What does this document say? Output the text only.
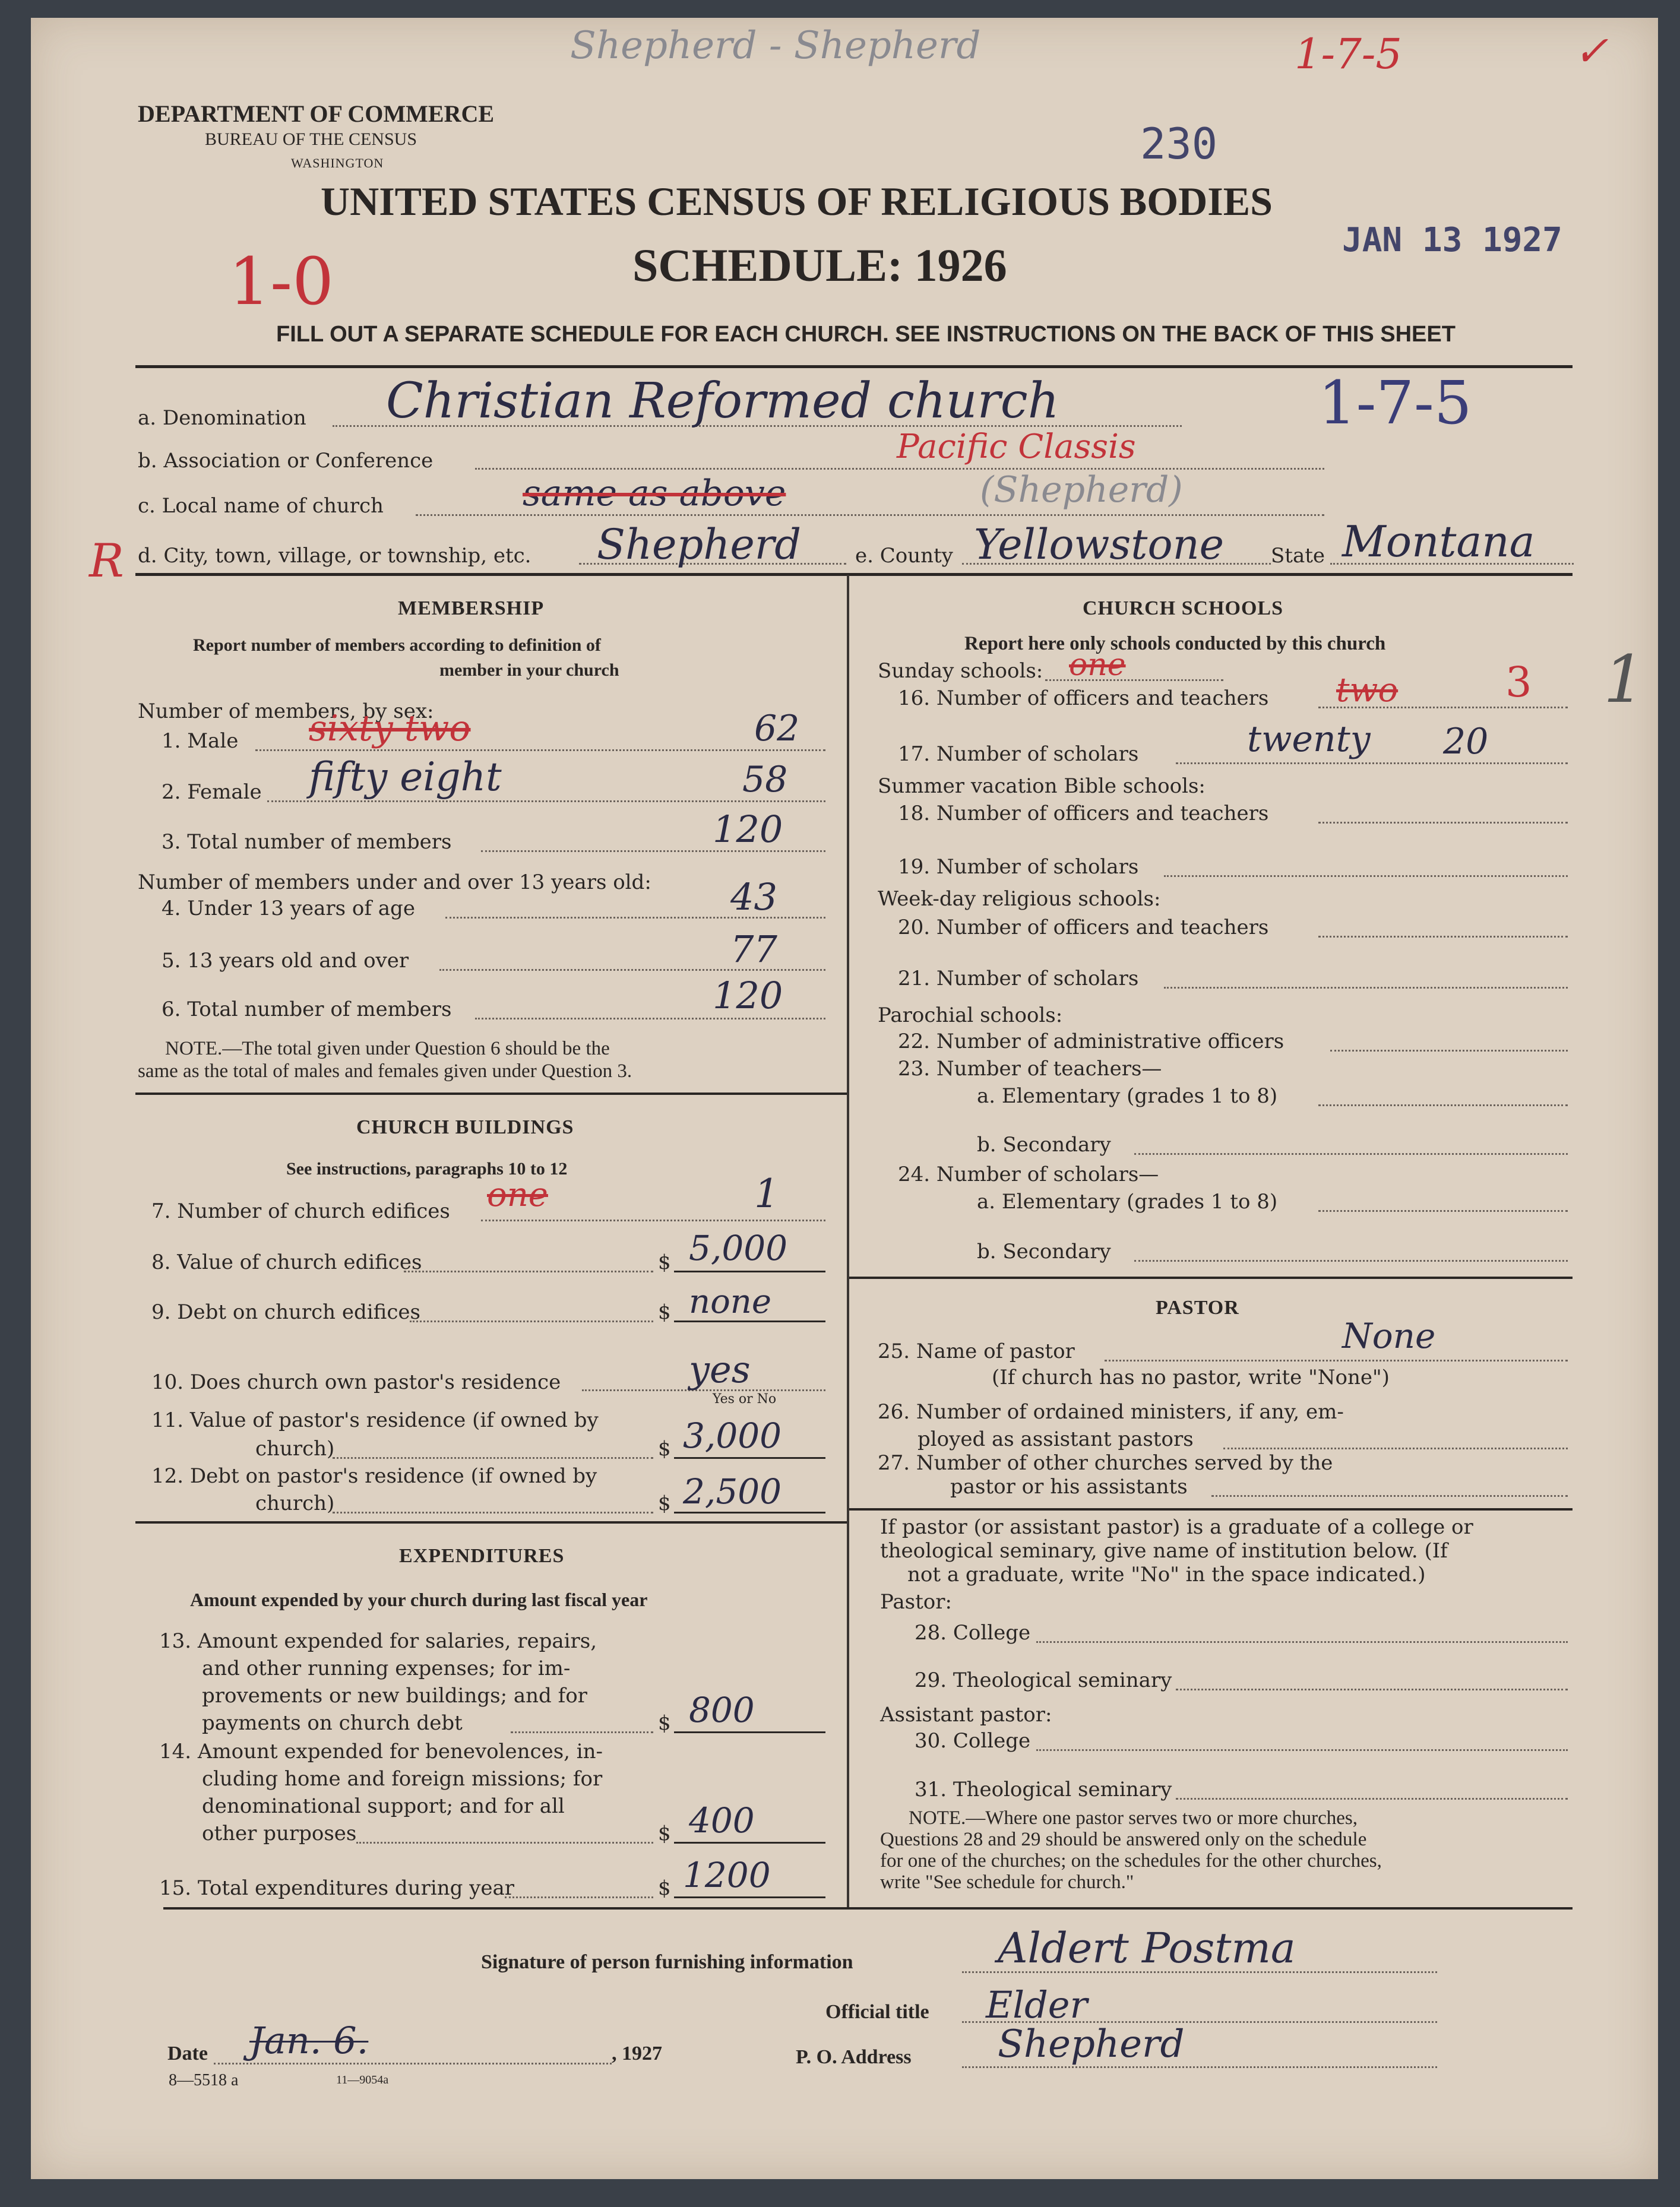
Shepherd - Shepherd	1-7-5	✓
DEPARTMENT OF COMMERCE
BUREAU OF THE CENSUS
WASHINGTON	230
UNITED STATES CENSUS OF RELIGIOUS BODIES
JAN 13 1927
1-0	SCHEDULE: 1926
FILL OUT A SEPARATE SCHEDULE FOR EACH CHURCH. SEE INSTRUCTIONS ON THE BACK OF THIS SHEET
a. Denomination Christian Reformed church	1-7-5
b. Association or Conference	Pacific Classis
c. Local name of church	same as above	(Shepherd)
R d. City, town, village, or township, etc. Shepherd	e. County Yellowstone State Montana
MEMBERSHIP
Report number of members according to definition of
member in your church
Number of members, by sex:
1. Male sixty two	62
2. Female fifty eight	58
3. Total number of members	120
Number of members under and over 13 years old:
4. Under 13 years of age	43
5. 13 years old and over	77
6. Total number of members	120
NOTE.—The total given under Question 6 should be the
same as the total of males and females given under Question 3.
CHURCH BUILDINGS
See instructions, paragraphs 10 to 12
7. Number of church edifices one	1
8. Value of church edifices	$ 5,000
9. Debt on church edifices	$ none
10. Does church own pastor's residence	yes
Yes or No
11. Value of pastor's residence (if owned by
church)	$ 3,000
12. Debt on pastor's residence (if owned by
church)	$ 2,500
EXPENDITURES
Amount expended by your church during last fiscal year
13. Amount expended for salaries, repairs,
and other running expenses; for im-
provements or new buildings; and for
payments on church debt	$ 800
14. Amount expended for benevolences, in-
cluding home and foreign missions; for
denominational support; and for all
other purposes	$ 400
15. Total expenditures during year	$ 1200
CHURCH SCHOOLS
Report here only schools conducted by this church
Sunday schools: one	1
16. Number of officers and teachers two	3
17. Number of scholars	twenty 20
Summer vacation Bible schools:
18. Number of officers and teachers
19. Number of scholars
Week-day religious schools:
20. Number of officers and teachers
21. Number of scholars
Parochial schools:
22. Number of administrative officers
23. Number of teachers—
a. Elementary (grades 1 to 8)
b. Secondary
24. Number of scholars—
a. Elementary (grades 1 to 8)
b. Secondary
PASTOR
25. Name of pastor	None
(If church has no pastor, write "None")
26. Number of ordained ministers, if any, em-
ployed as assistant pastors
27. Number of other churches served by the
pastor or his assistants
If pastor (or assistant pastor) is a graduate of a college or
theological seminary, give name of institution below. (If
not a graduate, write "No" in the space indicated.)
Pastor:
28. College
29. Theological seminary
Assistant pastor:
30. College
31. Theological seminary
NOTE.—Where one pastor serves two or more churches,
Questions 28 and 29 should be answered only on the schedule
for one of the churches; on the schedules for the other churches,
write "See schedule for church."
Signature of person furnishing information	Aldert Postma
Official title Elder
Date Jan. 6.	, 1927	P. O. Address Shepherd
8—5518 a	11—9054a
